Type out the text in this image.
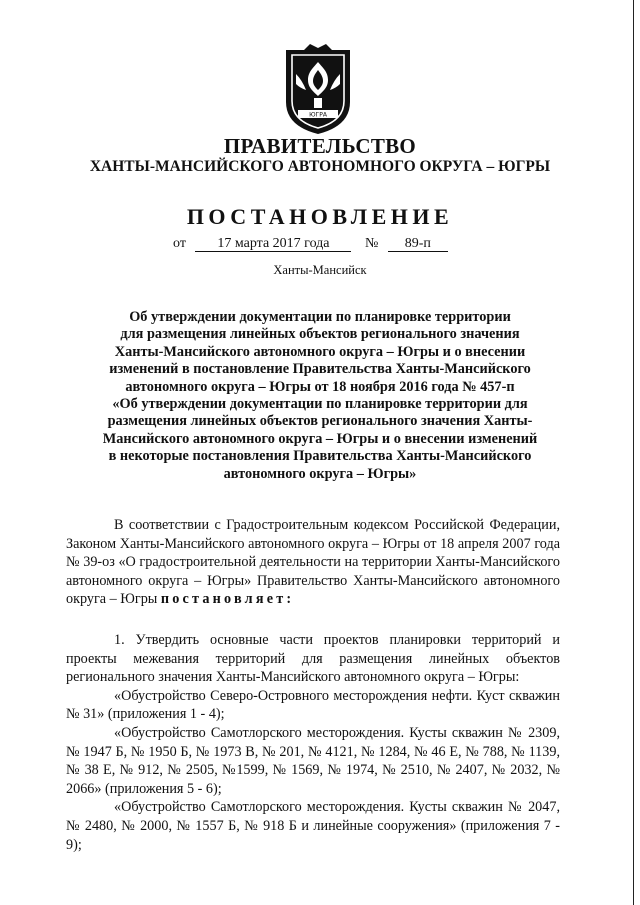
ЮГРА
ПРАВИТЕЛЬСТВО
ХАНТЫ-МАНСИЙСКОГО АВТОНОМНОГО ОКРУГА – ЮГРЫ
ПОСТАНОВЛЕНИЕ
от 17 марта 2017 года	№ 89-п
Ханты-Мансийск
Об утверждении документации по планировке территории
для размещения линейных объектов регионального значения
Ханты-Мансийского автономного округа – Югры и о внесении
изменений в постановление Правительства Ханты-Мансийского
автономного округа – Югры от 18 ноября 2016 года № 457-п
«Об утверждении документации по планировке территории для
размещения линейных объектов регионального значения Ханты-
Мансийского автономного округа – Югры и о внесении изменений
в некоторые постановления Правительства Ханты-Мансийского
автономного округа – Югры»

В соответствии с Градостроительным кодексом Российской Федерации, Законом Ханты-Мансийского автономного округа – Югры от 18 апреля 2007 года № 39-оз «О градостроительной деятельности на территории Ханты-Мансийского автономного округа – Югры» Правительство Ханты-Мансийского автономного округа – Югры постановляет:

1. Утвердить основные части проектов планировки территорий и проекты межевания территорий для размещения линейных объектов регионального значения Ханты-Мансийского автономного округа – Югры:

«Обустройство Северо-Островного месторождения нефти. Куст скважин № 31» (приложения 1 - 4);

«Обустройство Самотлорского месторождения. Кусты скважин № 2309, № 1947 Б, № 1950 Б, № 1973 В, № 201, № 4121, № 1284, № 46 Е, № 788, № 1139, № 38 Е, № 912, № 2505, №1599, № 1569, № 1974, № 2510, № 2407, № 2032, № 2066» (приложения 5 - 6);

«Обустройство Самотлорского месторождения. Кусты скважин № 2047, № 2480, № 2000, № 1557 Б, № 918 Б и линейные сооружения» (приложения 7 - 9);
